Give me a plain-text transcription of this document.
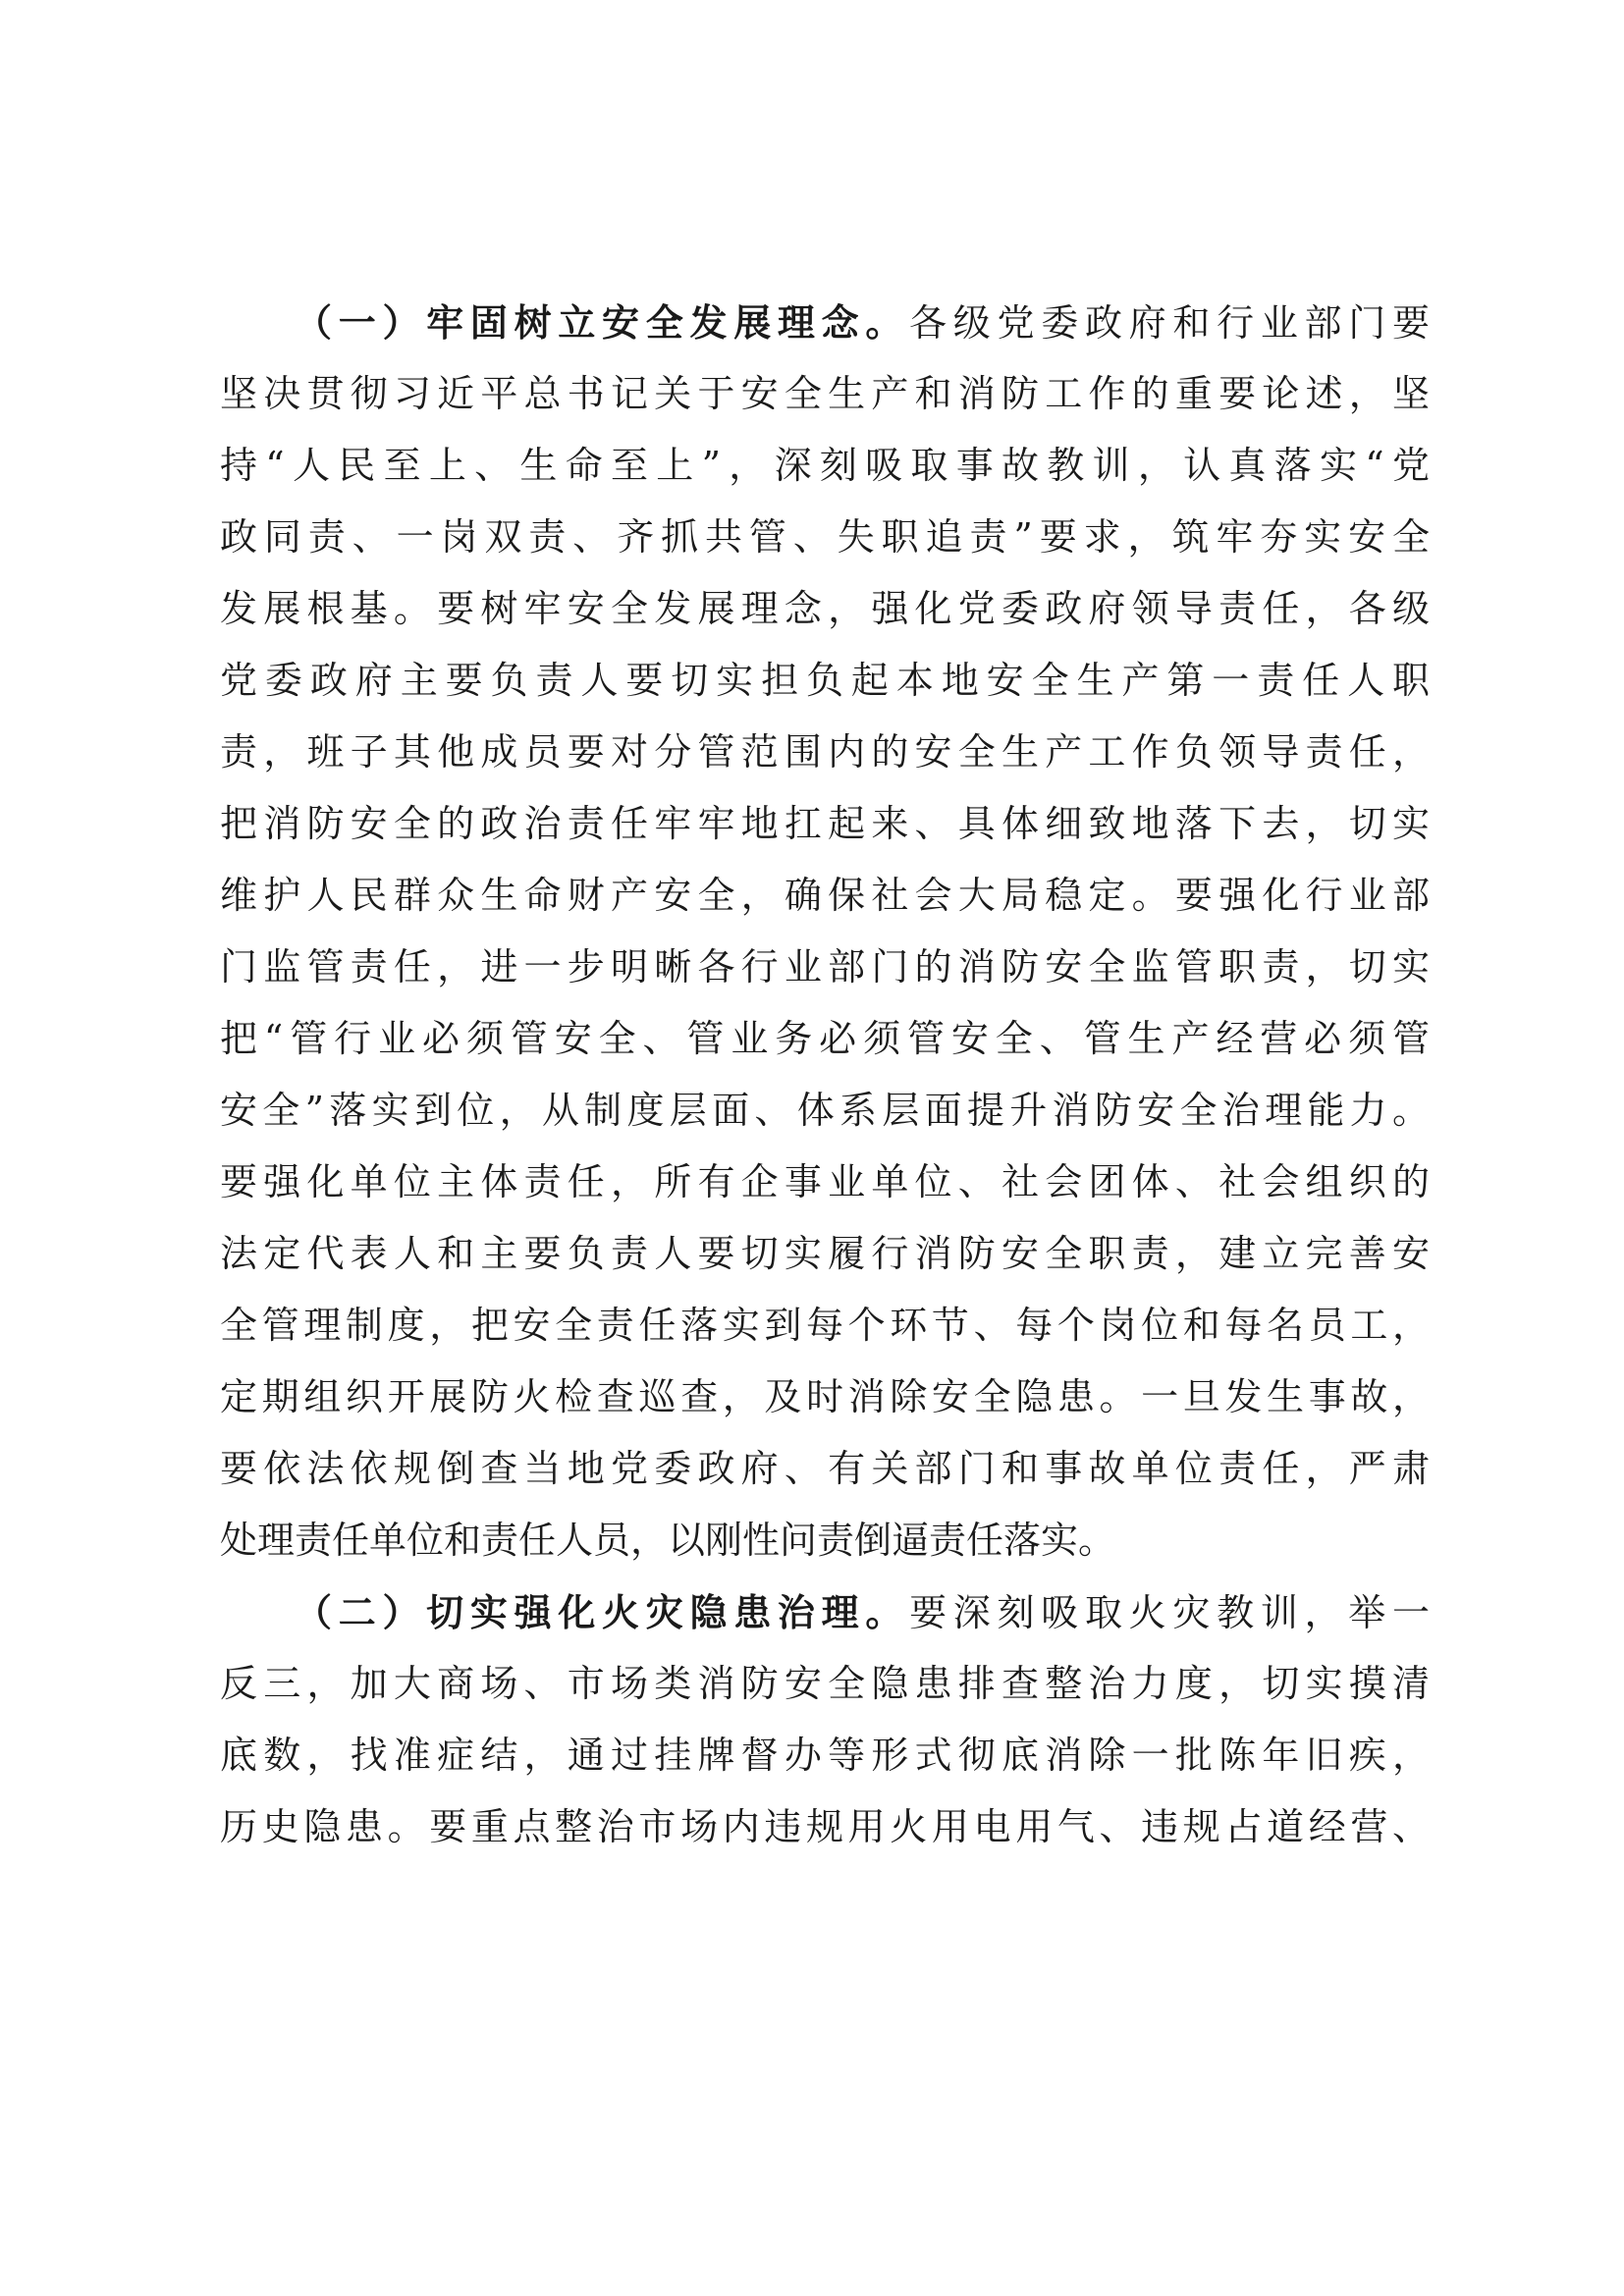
（一）牢固树立安全发展理念。各级党委政府和行业部门要
坚决贯彻习近平总书记关于安全生产和消防工作的重要论述，坚
持“人民至上、生命至上”，深刻吸取事故教训，认真落实“党
政同责、一岗双责、齐抓共管、失职追责”要求，筑牢夯实安全
发展根基。要树牢安全发展理念，强化党委政府领导责任，各级
党委政府主要负责人要切实担负起本地安全生产第一责任人职
责，班子其他成员要对分管范围内的安全生产工作负领导责任，
把消防安全的政治责任牢牢地扛起来、具体细致地落下去，切实
维护人民群众生命财产安全，确保社会大局稳定。要强化行业部
门监管责任，进一步明晰各行业部门的消防安全监管职责，切实
把“管行业必须管安全、管业务必须管安全、管生产经营必须管
安全”落实到位，从制度层面、体系层面提升消防安全治理能力。
要强化单位主体责任，所有企事业单位、社会团体、社会组织的
法定代表人和主要负责人要切实履行消防安全职责，建立完善安
全管理制度，把安全责任落实到每个环节、每个岗位和每名员工，
定期组织开展防火检查巡查，及时消除安全隐患。一旦发生事故，
要依法依规倒查当地党委政府、有关部门和事故单位责任，严肃
处理责任单位和责任人员，以刚性问责倒逼责任落实。
（二）切实强化火灾隐患治理。要深刻吸取火灾教训，举一
反三，加大商场、市场类消防安全隐患排查整治力度，切实摸清
底数，找准症结，通过挂牌督办等形式彻底消除一批陈年旧疾，
历史隐患。要重点整治市场内违规用火用电用气、违规占道经营、
